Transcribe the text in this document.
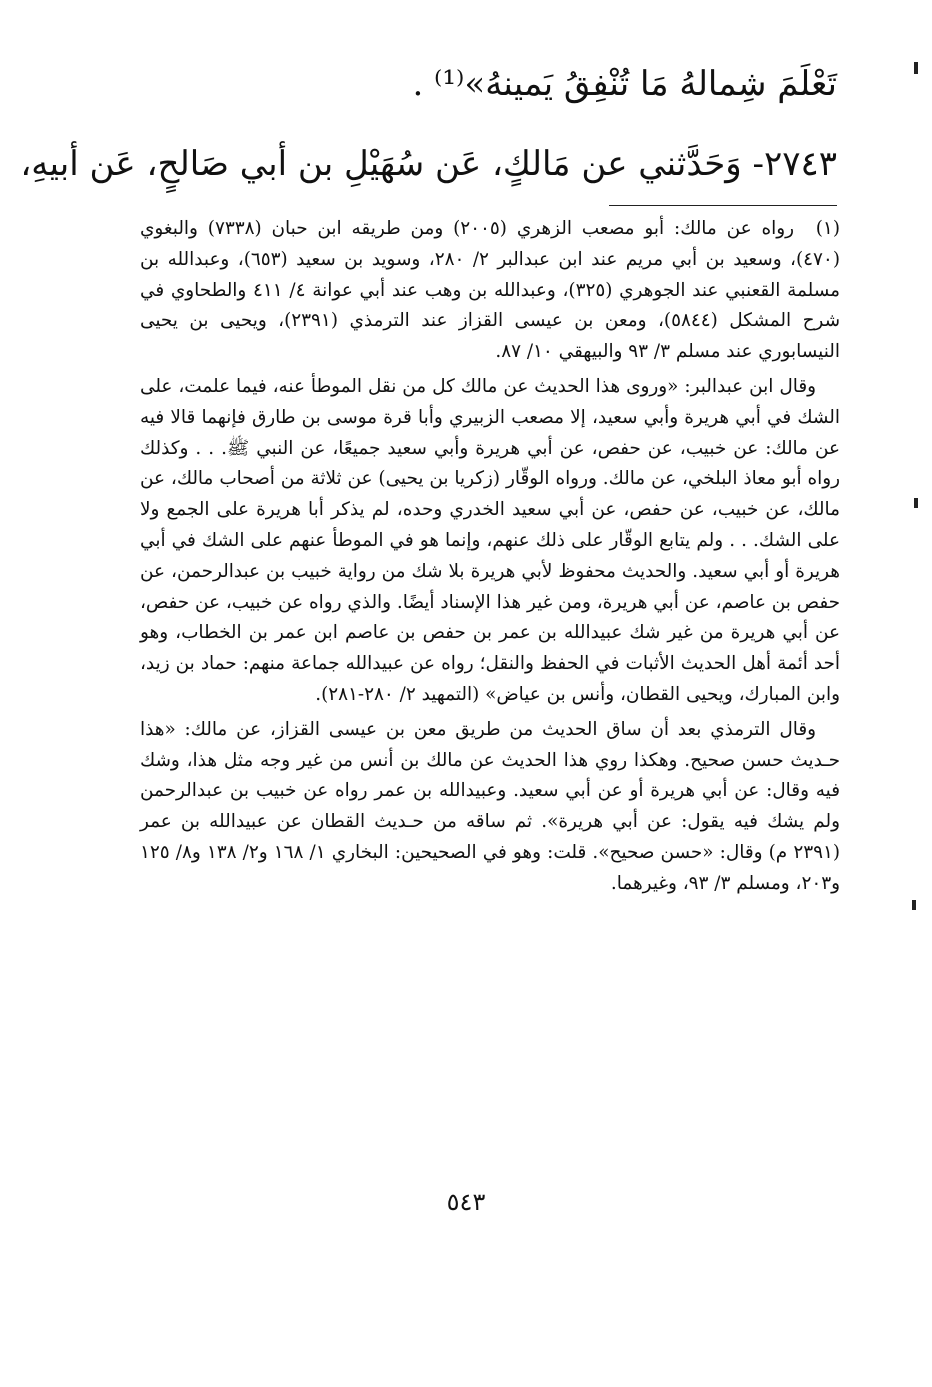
تَعْلَمَ شِمالهُ مَا تُنْفِقُ يَمينهُ»⁽¹⁾ .
٢٧٤٣- وَحَدَّثني عن مَالكٍ، عَن سُهَيْلِ بن أبي صَالحٍ، عَن أبيهِ،

(١)رواه عن مالك: أبو مصعب الزهري (٢٠٠٥) ومن طريقه ابن حبان (٧٣٣٨) والبغوي (٤٧٠)، وسعيد بن أبي مريم عند ابن عبدالبر ٢/ ٢٨٠، وسويد بن سعيد (٦٥٣)، وعبدالله بن مسلمة القعنبي عند الجوهري (٣٢٥)، وعبدالله بن وهب عند أبي عوانة ٤/ ٤١١ والطحاوي في شرح المشكل (٥٨٤٤)، ومعن بن عيسى القزاز عند الترمذي (٢٣٩١)، ويحيى بن يحيى النيسابوري عند مسلم ٣/ ٩٣ والبيهقي ١٠/ ٨٧.

وقال ابن عبدالبر: «وروى هذا الحديث عن مالك كل من نقل الموطأ عنه، فيما علمت، على الشك في أبي هريرة وأبي سعيد، إلا مصعب الزبيري وأبا قرة موسى بن طارق فإنهما قالا فيه عن مالك: عن خبيب، عن حفص، عن أبي هريرة وأبي سعيد جميعًا، عن النبي ﷺ. . . وكذلك رواه أبو معاذ البلخي، عن مالك. ورواه الوقّار (زكريا بن يحيى) عن ثلاثة من أصحاب مالك، عن مالك، عن خبيب، عن حفص، عن أبي سعيد الخدري وحده، لم يذكر أبا هريرة على الجمع ولا على الشك. . . ولم يتابع الوقّار على ذلك عنهم، وإنما هو في الموطأ عنهم على الشك في أبي هريرة أو أبي سعيد. والحديث محفوظ لأبي هريرة بلا شك من رواية خبيب بن عبدالرحمن، عن حفص بن عاصم، عن أبي هريرة، ومن غير هذا الإسناد أيضًا. والذي رواه عن خبيب، عن حفص، عن أبي هريرة من غير شك عبيدالله بن عمر بن حفص بن عاصم ابن عمر بن الخطاب، وهو أحد أئمة أهل الحديث الأثبات في الحفظ والنقل؛ رواه عن عبيدالله جماعة منهم: حماد بن زيد، وابن المبارك، ويحيى القطان، وأنس بن عياض» (التمهيد ٢/ ٢٨٠-٢٨١).

وقال الترمذي بعد أن ساق الحديث من طريق معن بن عيسى القزاز، عن مالك: «هذا حـديث حسن صحيح. وهكذا روي هذا الحديث عن مالك بن أنس من غير وجه مثل هذا، وشك فيه وقال: عن أبي هريرة أو عن أبي سعيد. وعبيدالله بن عمر رواه عن خبيب بن عبدالرحمن ولم يشك فيه يقول: عن أبي هريرة». ثم ساقه من حـديث القطان عن عبيدالله بن عمر (٢٣٩١ م) وقال: «حسن صحيح». قلت: وهو في الصحيحين: البخاري ١/ ١٦٨ و٢/ ١٣٨ و٨/ ١٢٥ و٢٠٣، ومسلم ٣/ ٩٣، وغيرهما.

٥٤٣
